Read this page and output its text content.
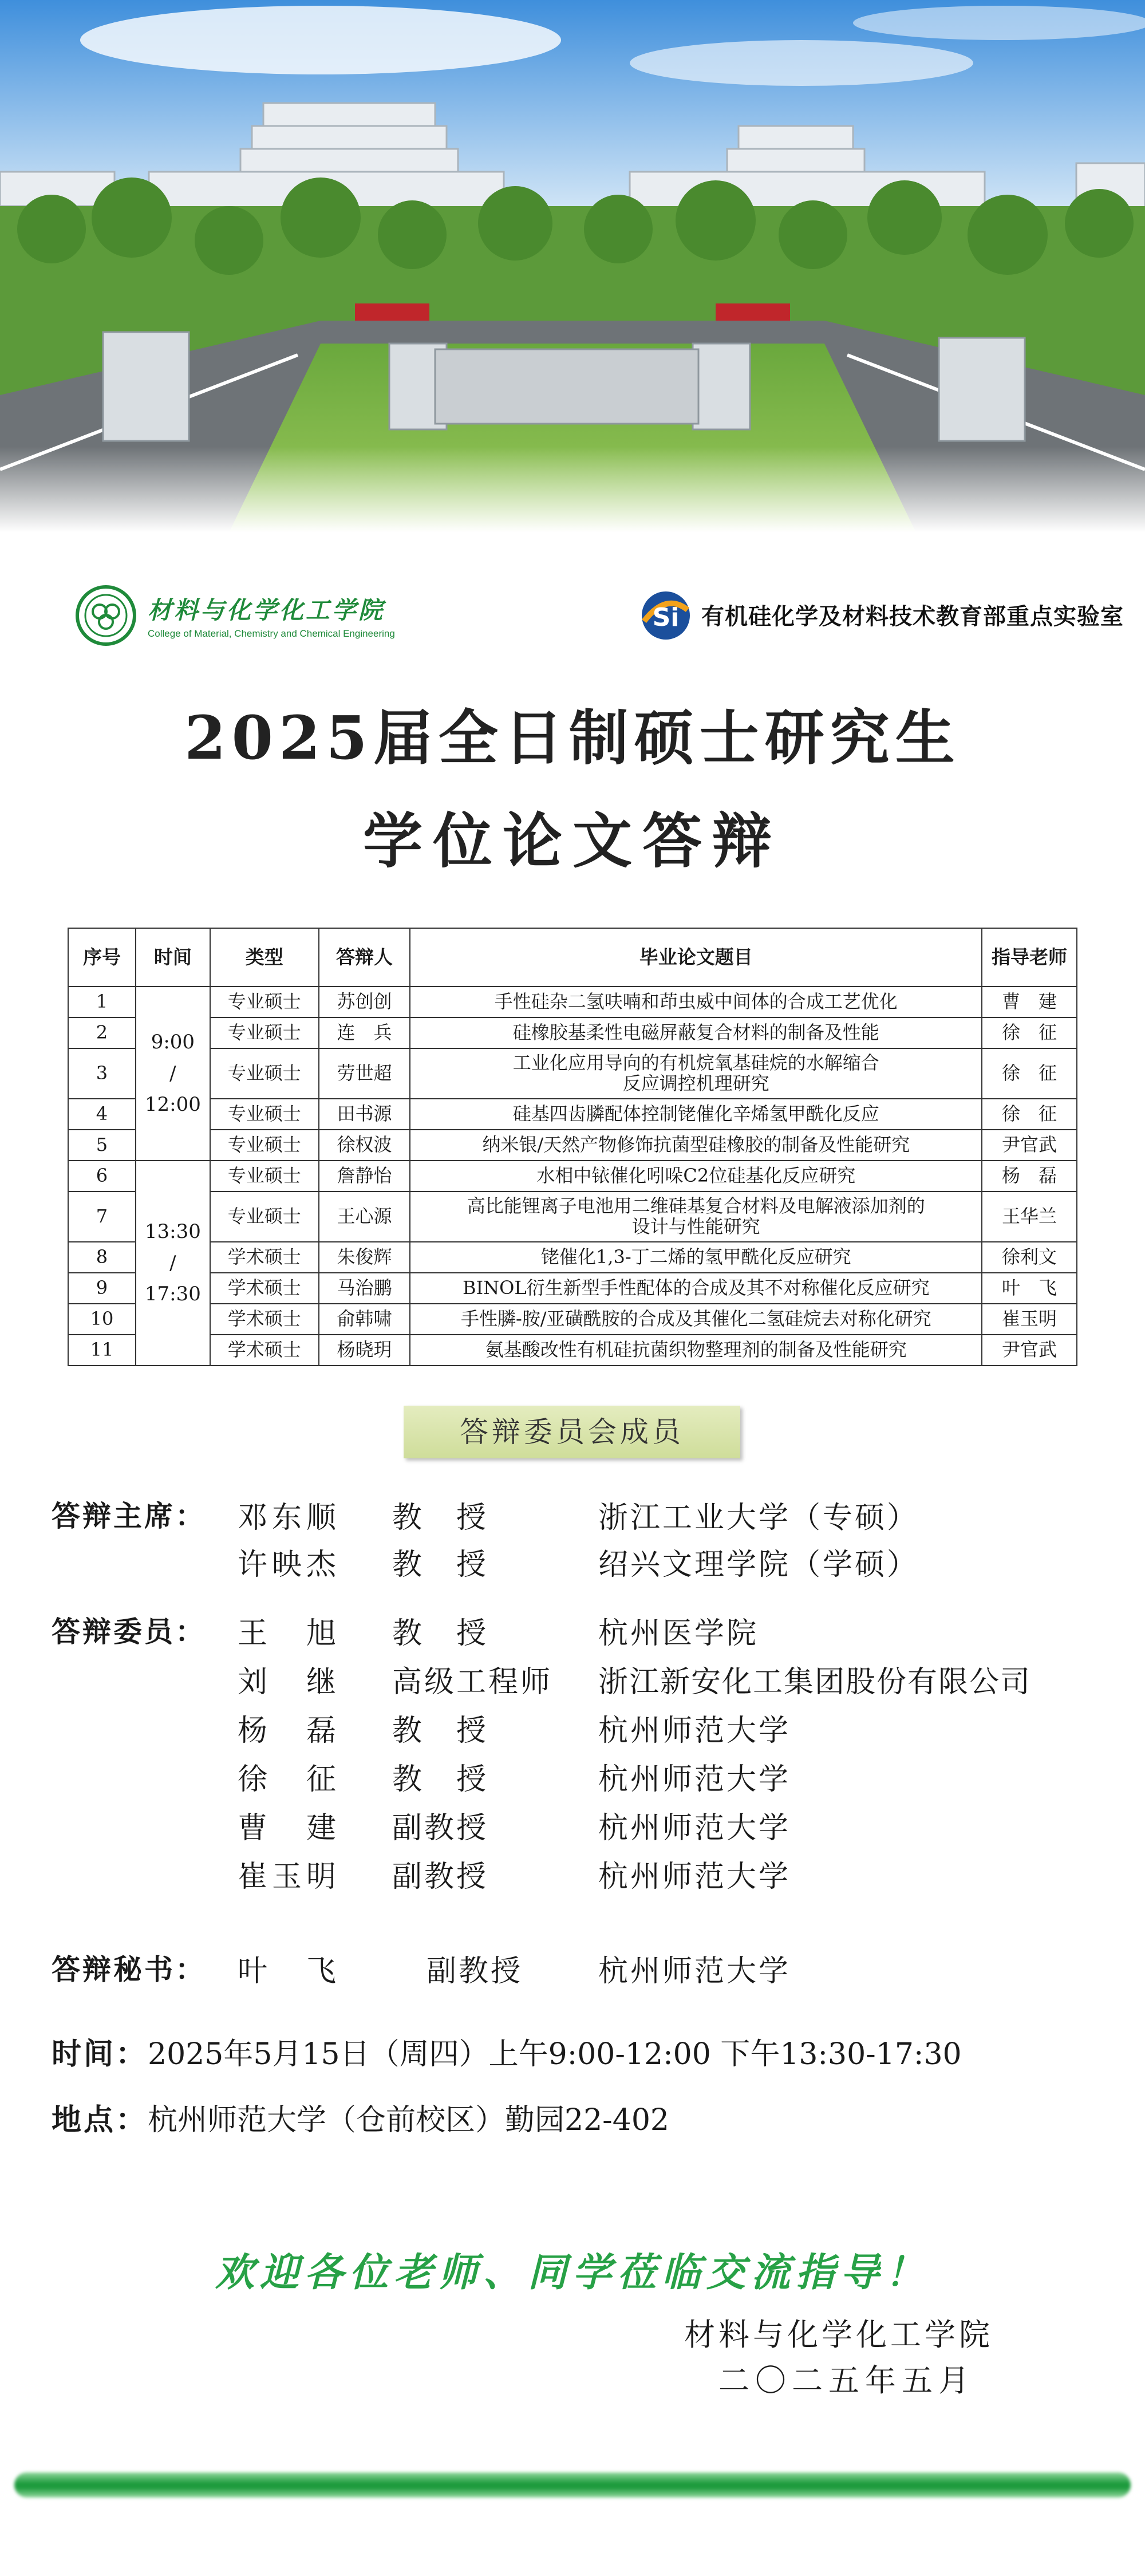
材料与化学化工学院
College of Material, Chemistry and Chemical Engineering
Si 有机硅化学及材料技术教育部重点实验室
2025届全日制硕士研究生
学位论文答辩
序号	时间	类型	答辩人	毕业论文题目	指导老师
1	9:00
/
12:00	专业硕士	苏创创	手性硅杂二氢呋喃和茚虫威中间体的合成工艺优化	曹　建
2		专业硕士	连　兵	硅橡胶基柔性电磁屏蔽复合材料的制备及性能	徐　征
3		专业硕士	劳世超	工业化应用导向的有机烷氧基硅烷的水解缩合
反应调控机理研究	徐　征
4		专业硕士	田书源	硅基四齿膦配体控制铑催化辛烯氢甲酰化反应	徐　征
5		专业硕士	徐权波	纳米银/天然产物修饰抗菌型硅橡胶的制备及性能研究	尹官武
6	13:30
/
17:30	专业硕士	詹静怡	水相中铱催化吲哚C2位硅基化反应研究	杨　磊
7		专业硕士	王心源	高比能锂离子电池用二维硅基复合材料及电解液添加剂的
设计与性能研究	王华兰
8		学术硕士	朱俊辉	铑催化1,3-丁二烯的氢甲酰化反应研究	徐利文
9		学术硕士	马治鹏	BINOL衍生新型手性配体的合成及其不对称催化反应研究	叶　飞
10		学术硕士	俞韩啸	手性膦-胺/亚磺酰胺的合成及其催化二氢硅烷去对称化研究	崔玉明
11		学术硕士	杨晓玥	氨基酸改性有机硅抗菌织物整理剂的制备及性能研究	尹官武
答辩委员会成员
答辩主席： 邓东顺 教　授	浙江工业大学（专硕）
许映杰 教　授	绍兴文理学院（学硕）
答辩委员： 王　旭 教　授	杭州医学院
刘　继 高级工程师 浙江新安化工集团股份有限公司
杨　磊 教　授	杭州师范大学
徐　征 教　授	杭州师范大学
曹　建 副教授	杭州师范大学
崔玉明 副教授	杭州师范大学
答辩秘书： 叶　飞	副教授	杭州师范大学
时间：2025年5月15日（周四）上午9:00-12:00 下午13:30-17:30
地点：杭州师范大学（仓前校区）勤园22-402
欢迎各位老师、同学莅临交流指导！
材料与化学化工学院
二〇二五年五月
